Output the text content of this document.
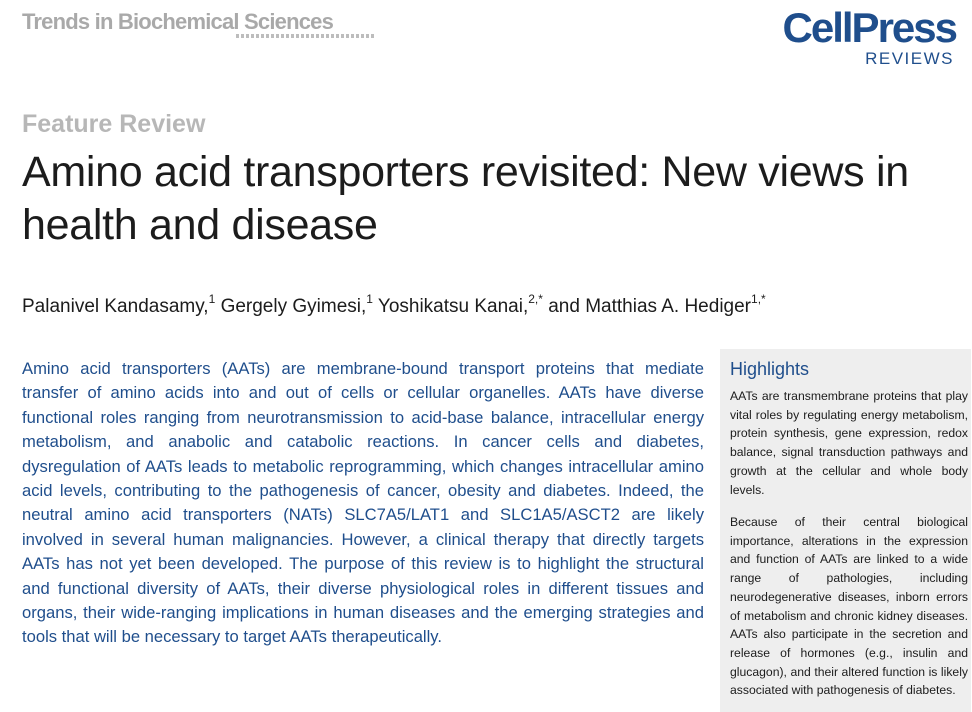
Trends in Biochemical Sciences	CellPress
REVIEWS
Feature Review
Amino acid transporters revisited: New views in health and disease
Palanivel Kandasamy,$^1$ Gergely Gyimesi,$^1$ Yoshikatsu Kanai,$^{2,*}$ and Matthias A. Hediger$^{1,*}$
Amino acid transporters (AATs) are membrane-bound transport proteins that mediate transfer of amino acids into and out of cells or cellular organelles. AATs have diverse functional roles ranging from neurotransmission to acid-base balance, intracellular energy metabolism, and anabolic and catabolic reactions. In cancer cells and diabetes, dysregulation of AATs leads to metabolic reprogramming, which changes intracellular amino acid levels, contributing to the pathogenesis of cancer, obesity and diabetes. Indeed, the neutral amino acid transporters (NATs) SLC7A5/LAT1 and SLC1A5/ASCT2 are likely involved in several human malignancies. However, a clinical therapy that directly targets AATs has not yet been developed. The purpose of this review is to highlight the structural and functional diversity of AATs, their diverse physiological roles in different tissues and organs, their wide-ranging implications in human diseases and the emerging strategies and tools that will be necessary to target AATs therapeutically.
Highlights
AATs are transmembrane proteins that play vital roles by regulating energy metabolism, protein synthesis, gene expression, redox balance, signal transduction pathways and growth at the cellular and whole body levels.
Because of their central biological importance, alterations in the expression and function of AATs are linked to a wide range of pathologies, including neurodegenerative diseases, inborn errors of metabolism and chronic kidney diseases. AATs also participate in the secretion and release of hormones (e.g., insulin and glucagon), and their altered function is likely associated with pathogenesis of diabetes.
